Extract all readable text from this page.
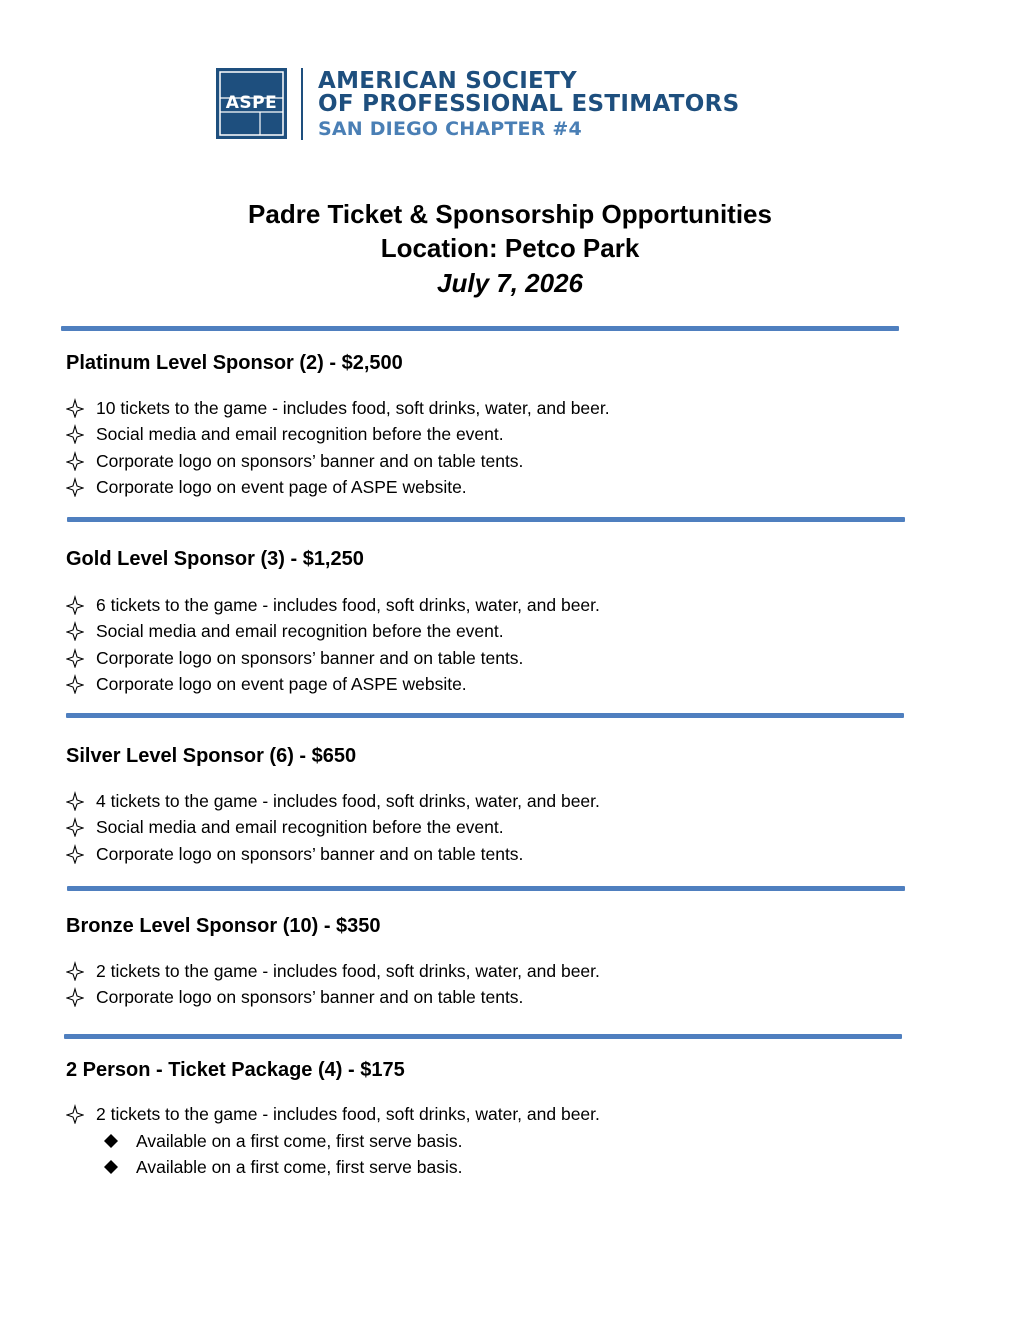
ASPE
AMERICAN SOCIETY
OF PROFESSIONAL ESTIMATORS
SAN DIEGO CHAPTER #4
Padre Ticket & Sponsorship Opportunities
Location: Petco Park
July 7, 2026
Platinum Level Sponsor (2) - $2,500
10 tickets to the game - includes food, soft drinks, water, and beer.
Social media and email recognition before the event.
Corporate logo on sponsors’ banner and on table tents.
Corporate logo on event page of ASPE website.
Gold Level Sponsor (3) - $1,250
6 tickets to the game - includes food, soft drinks, water, and beer.
Social media and email recognition before the event.
Corporate logo on sponsors’ banner and on table tents.
Corporate logo on event page of ASPE website.
Silver Level Sponsor (6) - $650
4 tickets to the game - includes food, soft drinks, water, and beer.
Social media and email recognition before the event.
Corporate logo on sponsors’ banner and on table tents.
Bronze Level Sponsor (10) - $350
2 tickets to the game - includes food, soft drinks, water, and beer.
Corporate logo on sponsors’ banner and on table tents.
2 Person - Ticket Package (4) - $175
2 tickets to the game - includes food, soft drinks, water, and beer.
Available on a first come, first serve basis.
Available on a first come, first serve basis.
